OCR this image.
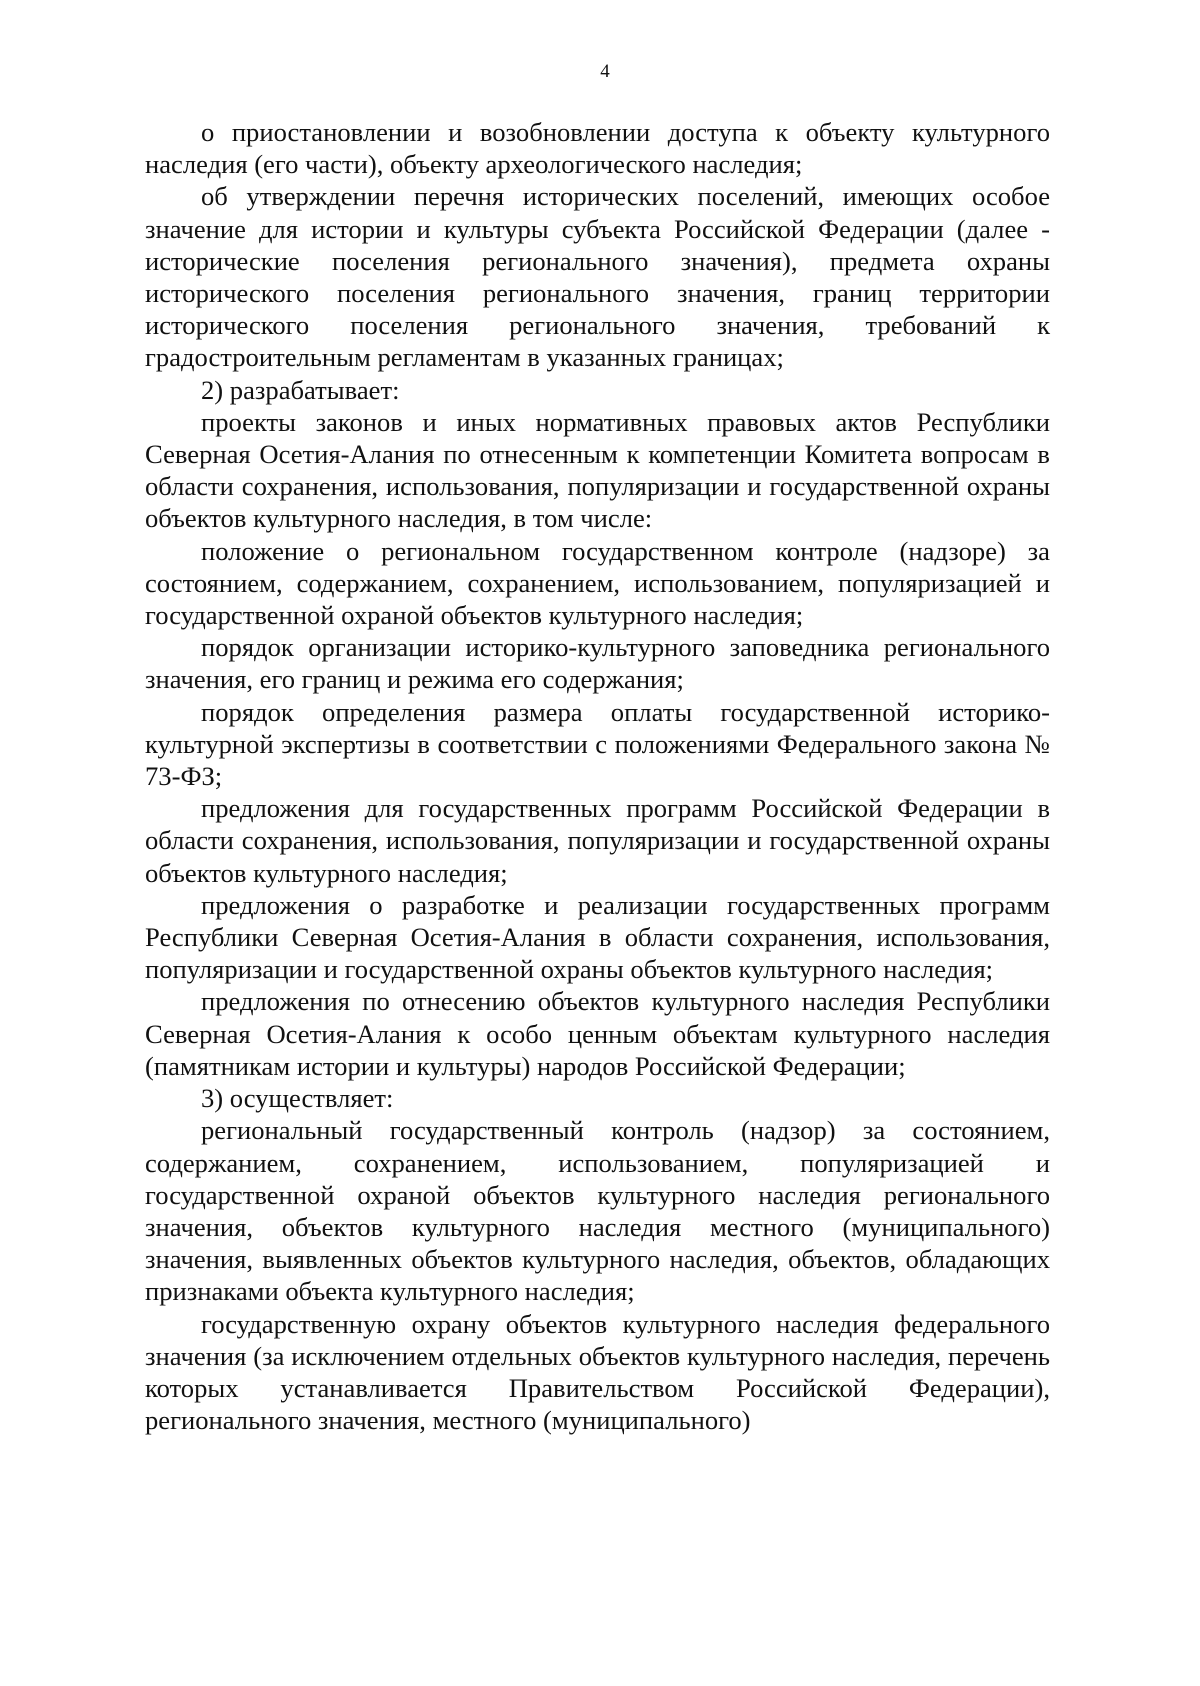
4

о приостановлении и возобновлении доступа к объекту культурного наследия (его части), объекту археологического наследия;

об утверждении перечня исторических поселений, имеющих особое значение для истории и культуры субъекта Российской Федерации (далее - исторические поселения регионального значения), предмета охраны исторического поселения регионального значения, границ территории исторического поселения регионального значения, требований к градостроительным регламентам в указанных границах;

2) разрабатывает:

проекты законов и иных нормативных правовых актов Республики Северная Осетия-Алания по отнесенным к компетенции Комитета вопросам в области сохранения, использования, популяризации и государственной охраны объектов культурного наследия, в том числе:

положение о региональном государственном контроле (надзоре) за состоянием, содержанием, сохранением, использованием, популяризацией и государственной охраной объектов культурного наследия;

порядок организации историко-культурного заповедника регионального значения, его границ и режима его содержания;

порядок определения размера оплаты государственной историко-культурной экспертизы в соответствии с положениями Федерального закона № 73-ФЗ;

предложения для государственных программ Российской Федерации в области сохранения, использования, популяризации и государственной охраны объектов культурного наследия;

предложения о разработке и реализации государственных программ Республики Северная Осетия-Алания в области сохранения, использования, популяризации и государственной охраны объектов культурного наследия;

предложения по отнесению объектов культурного наследия Республики Северная Осетия-Алания к особо ценным объектам культурного наследия (памятникам истории и культуры) народов Российской Федерации;

3) осуществляет:

региональный государственный контроль (надзор) за состоянием, содержанием, сохранением, использованием, популяризацией и государственной охраной объектов культурного наследия регионального значения, объектов культурного наследия местного (муниципального) значения, выявленных объектов культурного наследия, объектов, обладающих признаками объекта культурного наследия;

государственную охрану объектов культурного наследия федерального значения (за исключением отдельных объектов культурного наследия, перечень которых устанавливается Правительством Российской Федерации), регионального значения, местного (муниципального)
